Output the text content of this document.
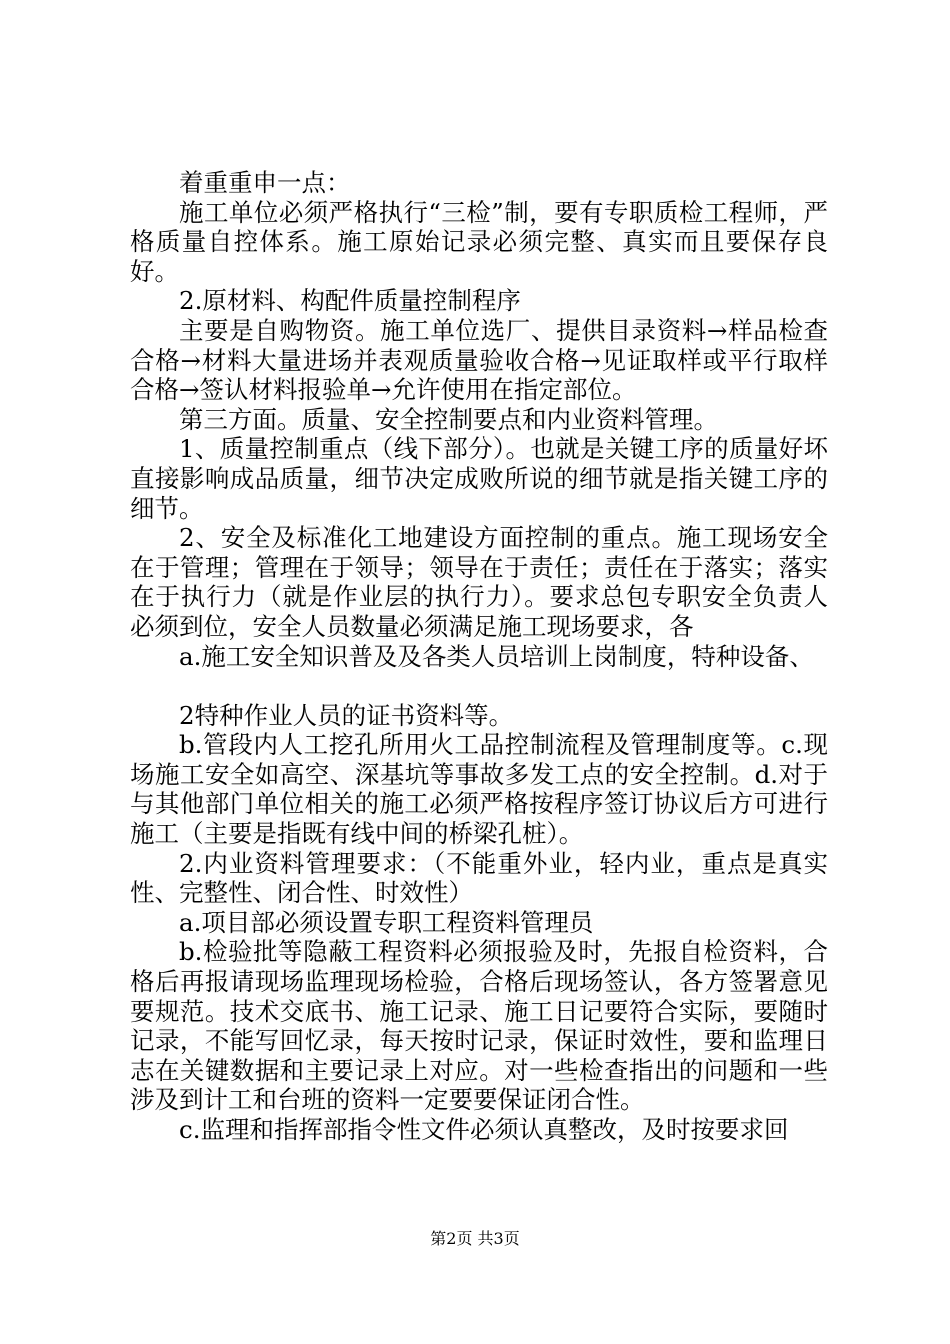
着重重申一点：

施工单位必须严格执行“三检”制，要有专职质检工程师，严格质量自控体系。施工原始记录必须完整、真实而且要保存良好。

2.原材料、构配件质量控制程序

主要是自购物资。施工单位选厂、提供目录资料→样品检查合格→材料大量进场并表观质量验收合格→见证取样或平行取样合格→签认材料报验单→允许使用在指定部位。

第三方面。质量、安全控制要点和内业资料管理。

1、质量控制重点（线下部分）。也就是关键工序的质量好坏直接影响成品质量，细节决定成败所说的细节就是指关键工序的细节。

2、安全及标准化工地建设方面控制的重点。施工现场安全在于管理；管理在于领导；领导在于责任；责任在于落实；落实在于执行力（就是作业层的执行力）。要求总包专职安全负责人必须到位，安全人员数量必须满足施工现场要求，各

a.施工安全知识普及及各类人员培训上岗制度，特种设备、

2特种作业人员的证书资料等。

b.管段内人工挖孔所用火工品控制流程及管理制度等。c.现场施工安全如高空、深基坑等事故多发工点的安全控制。d.对于与其他部门单位相关的施工必须严格按程序签订协议后方可进行施工（主要是指既有线中间的桥梁孔桩）。

2.内业资料管理要求：（不能重外业，轻内业，重点是真实性、完整性、闭合性、时效性）

a.项目部必须设置专职工程资料管理员

b.检验批等隐蔽工程资料必须报验及时，先报自检资料，合格后再报请现场监理现场检验，合格后现场签认，各方签署意见要规范。技术交底书、施工记录、施工日记要符合实际，要随时记录，不能写回忆录，每天按时记录，保证时效性，要和监理日志在关键数据和主要记录上对应。对一些检查指出的问题和一些涉及到计工和台班的资料一定要要保证闭合性。

c.监理和指挥部指令性文件必须认真整改，及时按要求回

第2页 共3页
